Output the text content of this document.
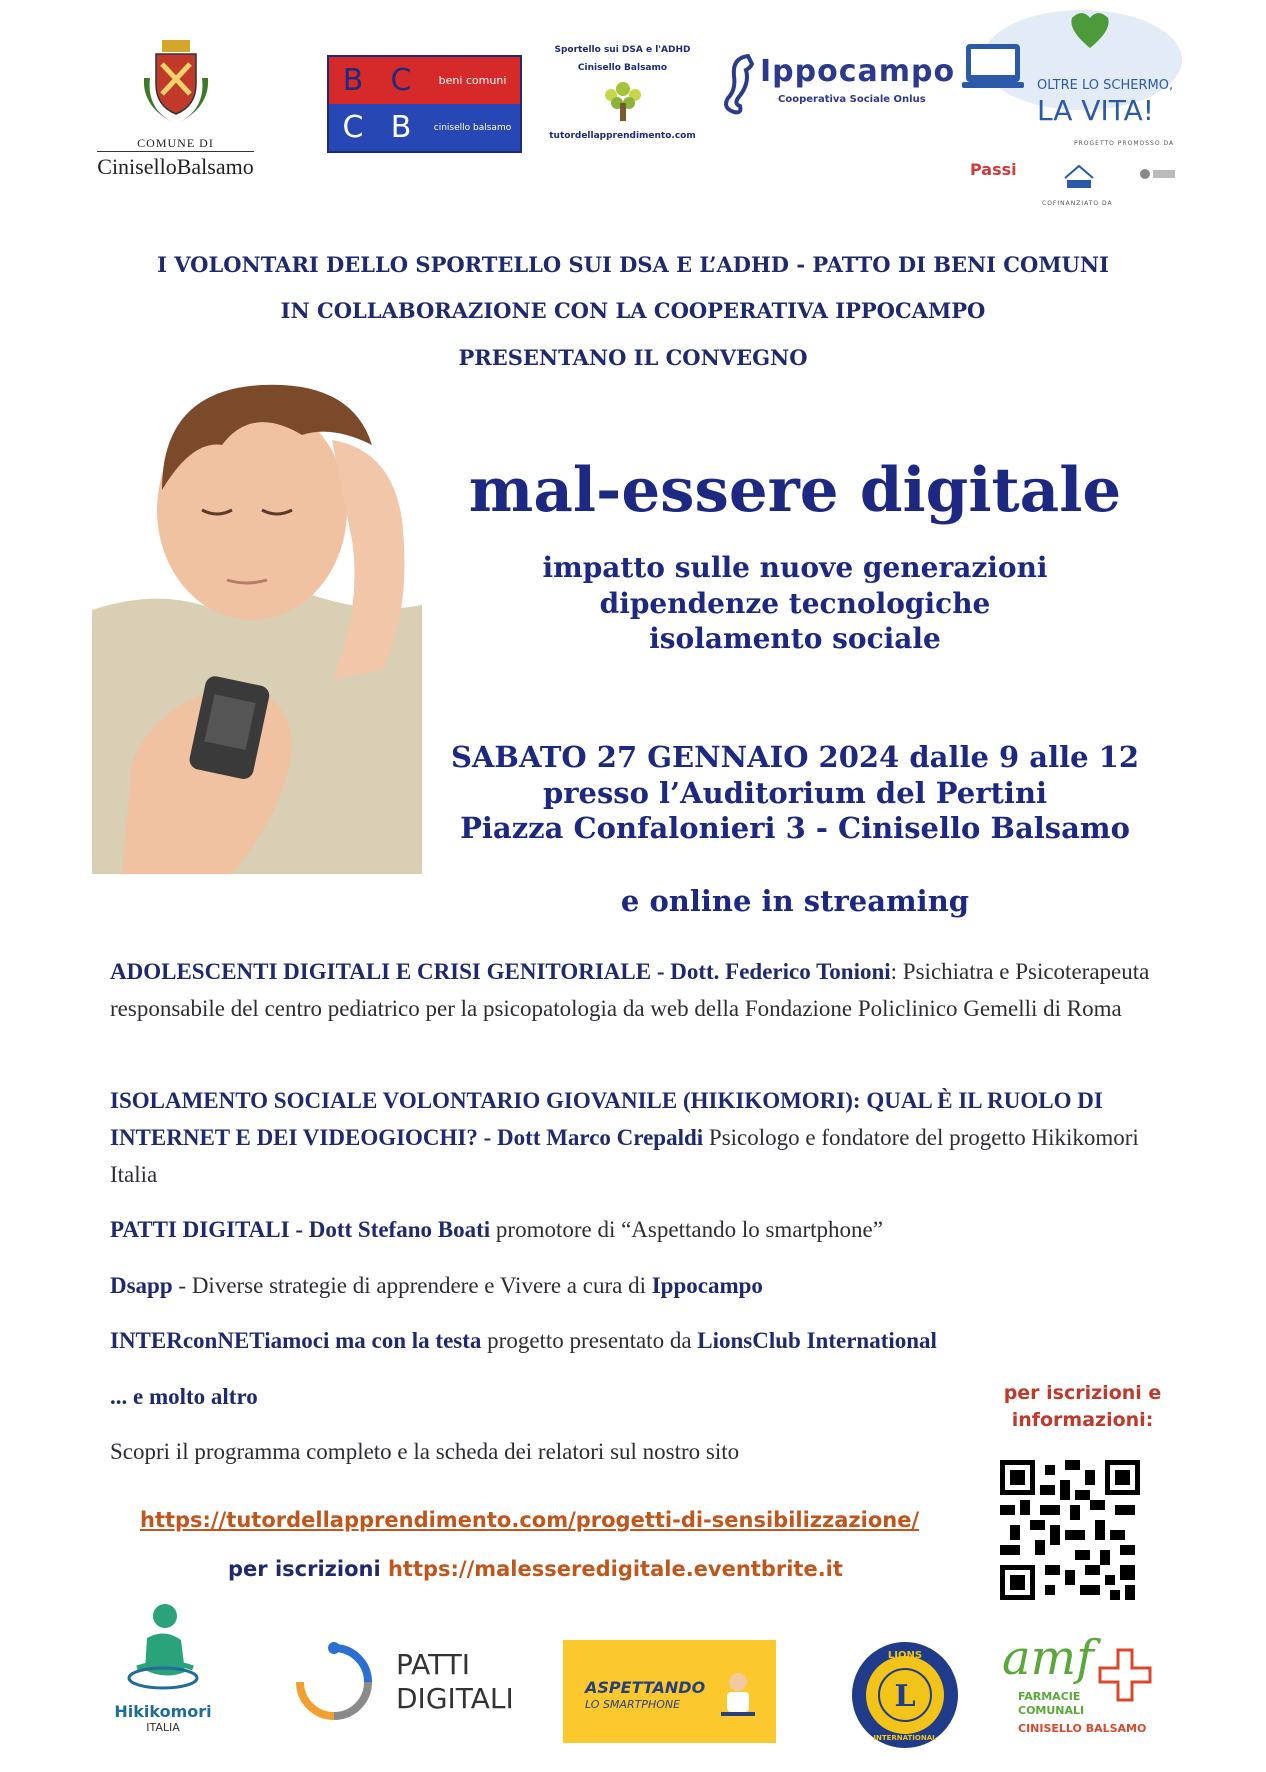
COMUNE DI
CiniselloBalsamo
B C
C B
beni comuni
cinisello balsamo
Sportello sui DSA e l'ADHD
Cinisello Balsamo
tutordellapprendimento.com
Ippocampo
Cooperativa Sociale Onlus
OLTRE LO SCHERMO,
LA VITA!
PROGETTO PROMOSSO DA
Passi
COFINANZIATO DA
I VOLONTARI DELLO SPORTELLO SUI DSA E L’ADHD - PATTO DI BENI COMUNI
IN COLLABORAZIONE CON LA COOPERATIVA IPPOCAMPO
PRESENTANO IL CONVEGNO
mal-essere digitale
impatto sulle nuove generazioni
dipendenze tecnologiche
isolamento sociale
SABATO 27 GENNAIO 2024 dalle 9 alle 12
presso l’Auditorium del Pertini
Piazza Confalonieri 3 - Cinisello Balsamo
e online in streaming
ADOLESCENTI DIGITALI E CRISI GENITORIALE - Dott. Federico Tonioni: Psichiatra e Psicoterapeuta responsabile del centro pediatrico per la psicopatologia da web della Fondazione Policlinico Gemelli di Roma
ISOLAMENTO SOCIALE VOLONTARIO GIOVANILE (HIKIKOMORI): QUAL È IL RUOLO DI INTERNET E DEI VIDEOGIOCHI? - Dott Marco Crepaldi Psicologo e fondatore del progetto Hikikomori Italia
PATTI DIGITALI - Dott Stefano Boati promotore di “Aspettando lo smartphone”
Dsapp - Diverse strategie di apprendere e Vivere a cura di Ippocampo
INTERconNETiamoci ma con la testa progetto presentato da LionsClub International
... e molto altro
Scopri il programma completo e la scheda dei relatori sul nostro sito
per iscrizioni e informazioni:
https://tutordellapprendimento.com/progetti-di-sensibilizzazione/
per iscrizioni https://malesseredigitale.eventbrite.it
Hikikomori
ITALIA
PATTI
DIGITALI	ASPETTANDO
LO SMARTPHONE	L
LIONS
INTERNATIONAL
amf
FARMACIE
COMUNALI
CINISELLO BALSAMO
